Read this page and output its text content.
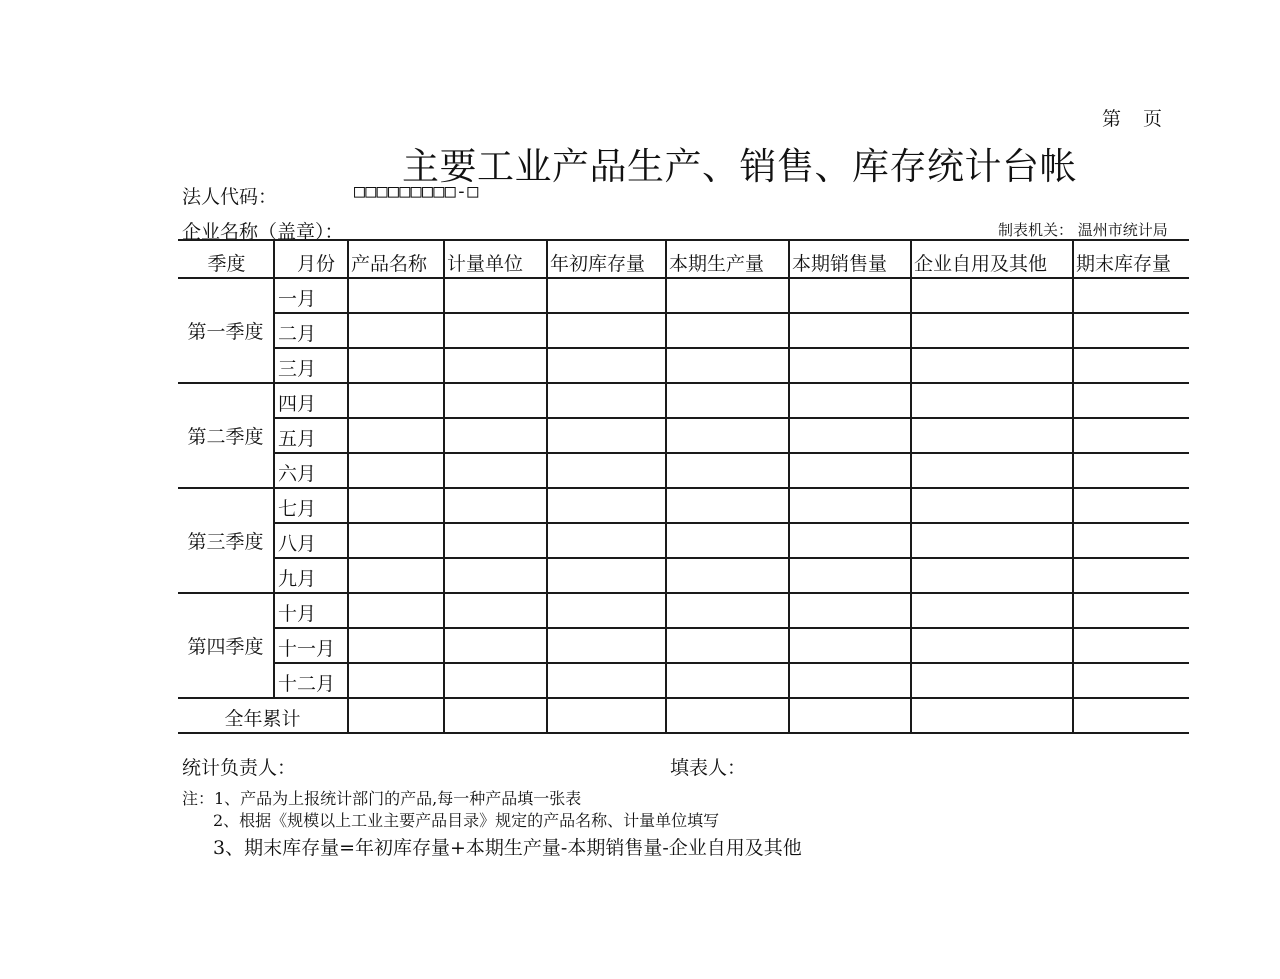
第 页
主要工业产品生产、销售、库存统计台帐
法人代码：	□□□□□□□□□-□
企业名称（盖章）：	制表机关： 温州市统计局
季度	月份	产品名称	计量单位	年初库存量	本期生产量	本期销售量	企业自用及其他	期末库存量
第一季度	一月							
	二月							
	三月							
第二季度	四月							
	五月							
	六月							
第三季度	七月							
	八月							
	九月							
第四季度	十月							
	十一月							
	十二月							
全年累计								
统计负责人：	填表人：
注：1、产品为上报统计部门的产品,每一种产品填一张表
2、根据《规模以上工业主要产品目录》规定的产品名称、计量单位填写
3、期末库存量=年初库存量+本期生产量-本期销售量-企业自用及其他
